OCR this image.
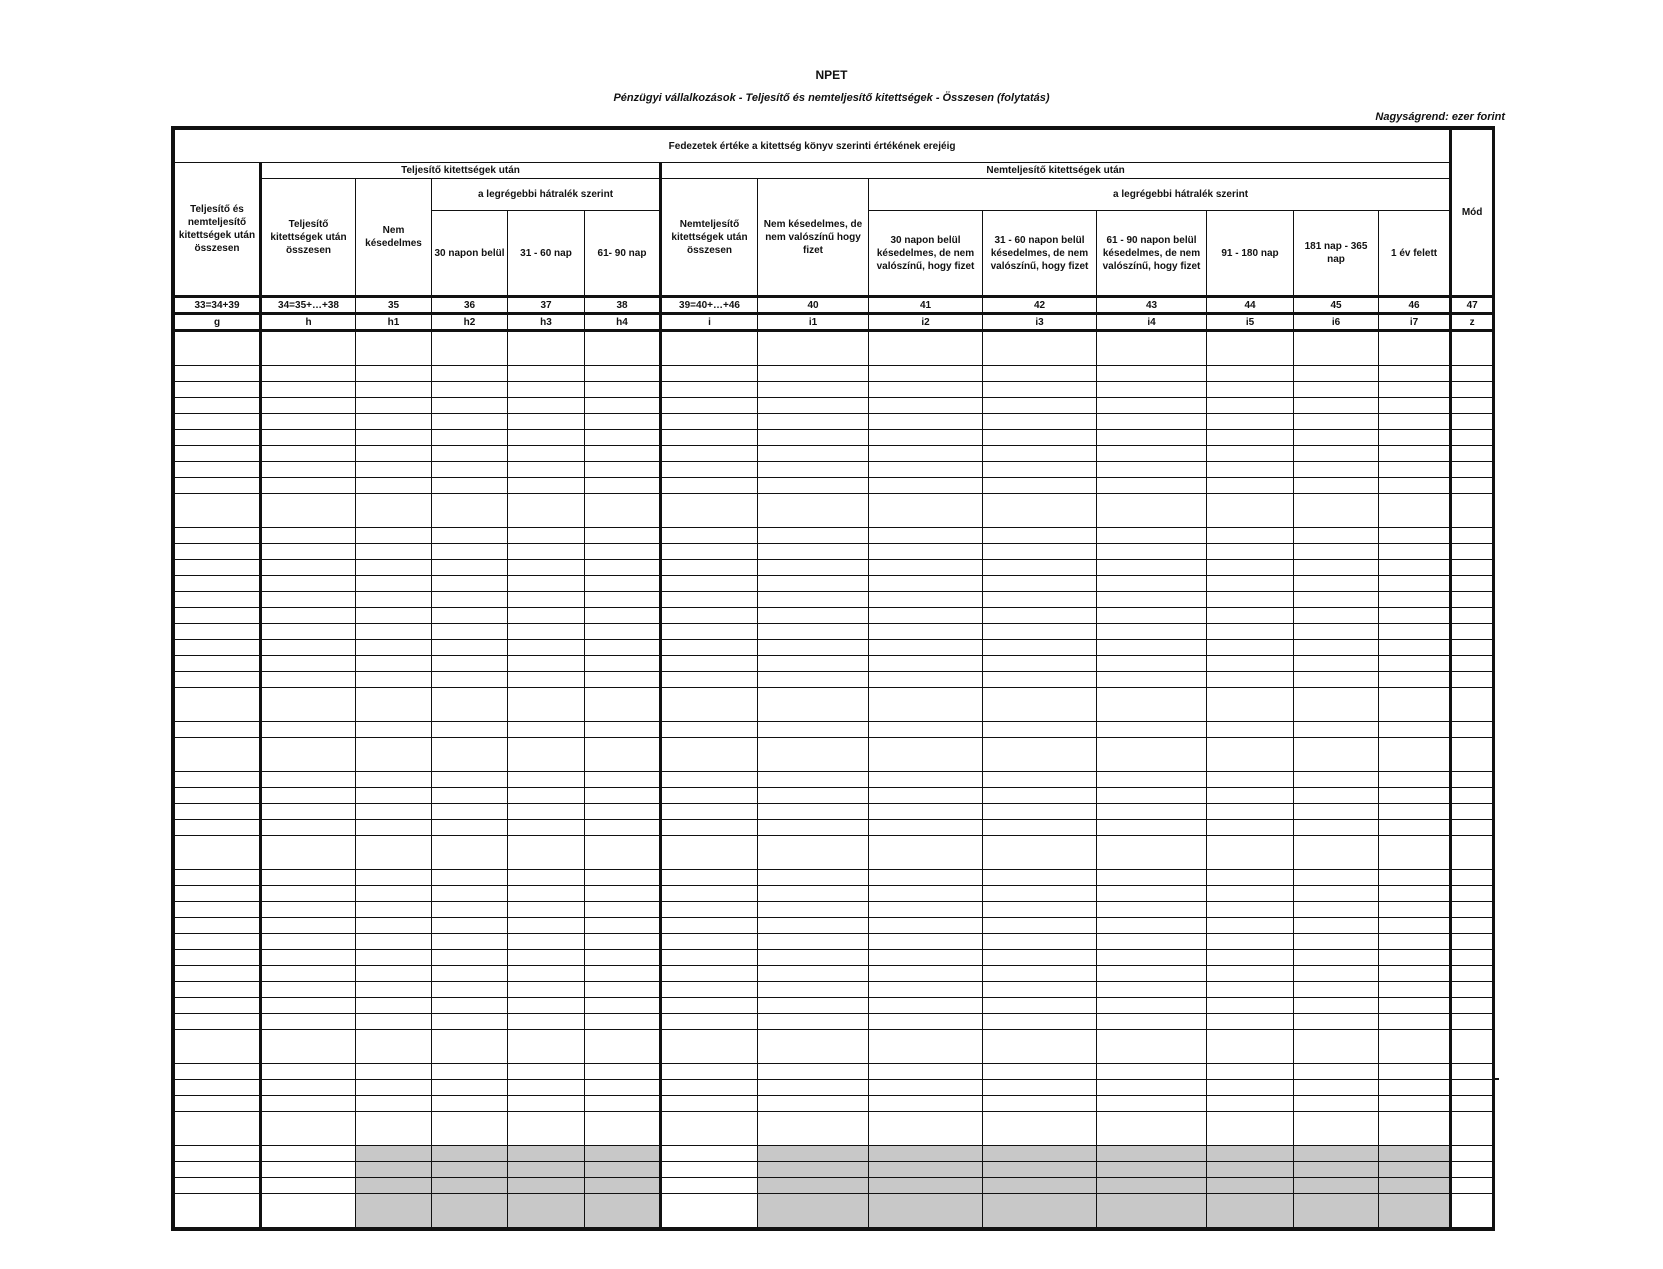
NPET
Pénzügyi vállalkozások - Teljesítő és nemteljesítő kitettségek - Összesen (folytatás)
Nagyságrend: ezer forint
Fedezetek értéke a kitettség könyv szerinti értékének erejéig														Mód
Teljesítő és nemteljesítő kitettségek után összesen	Teljesítő kitettségek után					Nemteljesítő kitettségek után								
	Teljesítő kitettségek után összesen	Nem késedelmes	a legrégebbi hátralék szerint			Nemteljesítő kitettségek után összesen	Nem késedelmes, de nem valószínű hogy fizet	a legrégebbi hátralék szerint						
			30 napon belül	31 - 60 nap	61- 90 nap			30 napon belül késedelmes, de nem valószínű, hogy fizet	31 - 60 napon belül késedelmes, de nem valószínű, hogy fizet	61 - 90 napon belül késedelmes, de nem valószínű, hogy fizet	91 - 180 nap	181 nap - 365 nap	1 év felett	

33=34+39	34=35+…+38	35	36	37	38	39=40+…+46	40	41	42	43	44	45	46	47
g	h	h1	h2	h3	h4	i	i1	i2	i3	i4	i5	i6	i7	z
